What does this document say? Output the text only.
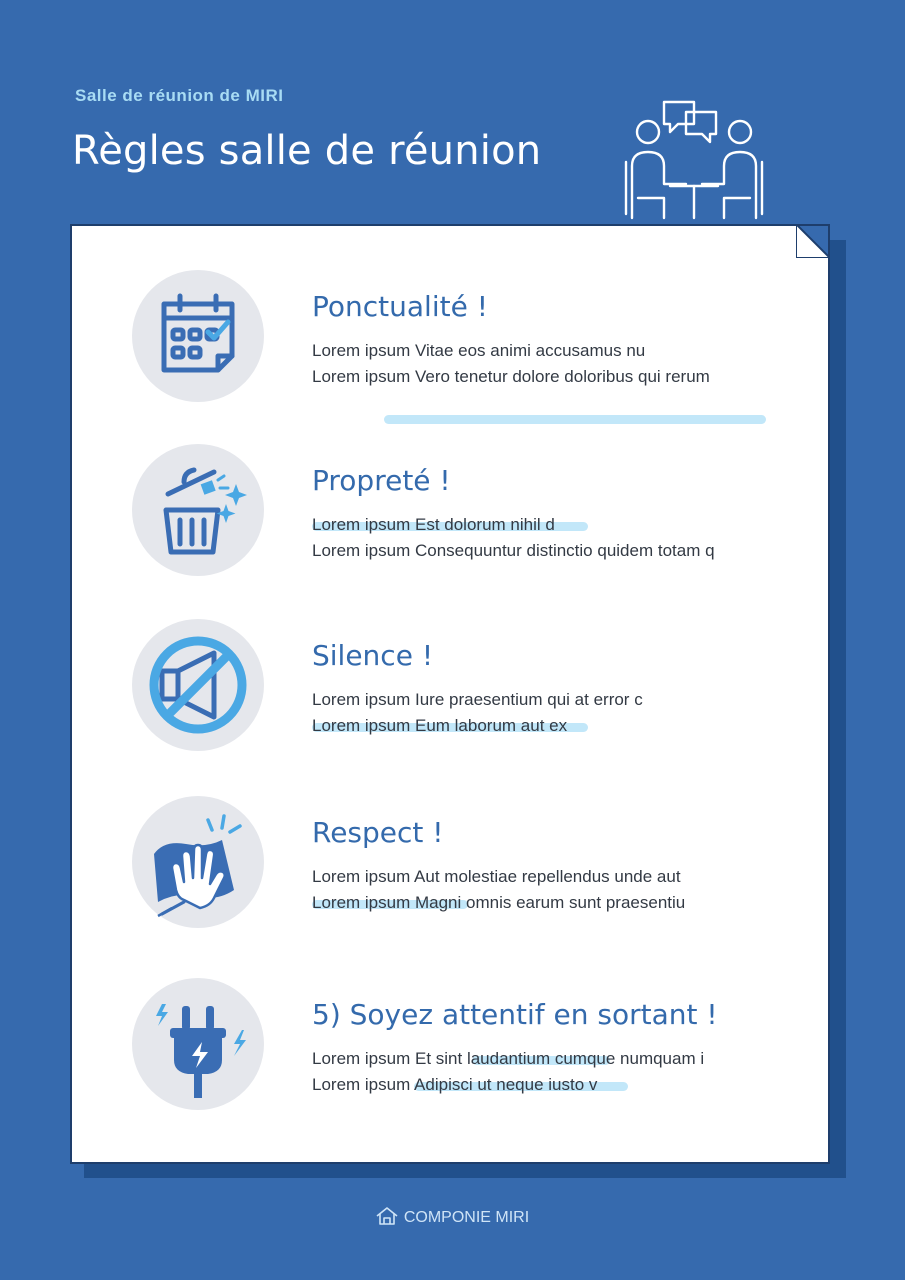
Salle de réunion de MIRI
Règles salle de réunion
Ponctualité !
Lorem ipsum Vitae eos animi accusamus nu
Lorem ipsum Vero tenetur dolore doloribus qui rerum
Propreté !
Lorem ipsum Est dolorum nihil d
Lorem ipsum Consequuntur distinctio quidem totam q
Silence !
Lorem ipsum Iure praesentium qui at error c
Lorem ipsum Eum laborum aut ex
Respect !
Lorem ipsum Aut molestiae repellendus unde aut
Lorem ipsum Magni omnis earum sunt praesentiu
5) Soyez attentif en sortant !
Lorem ipsum Et sint laudantium cumque numquam i
Lorem ipsum Adipisci ut neque iusto v
COMPONIE MIRI
